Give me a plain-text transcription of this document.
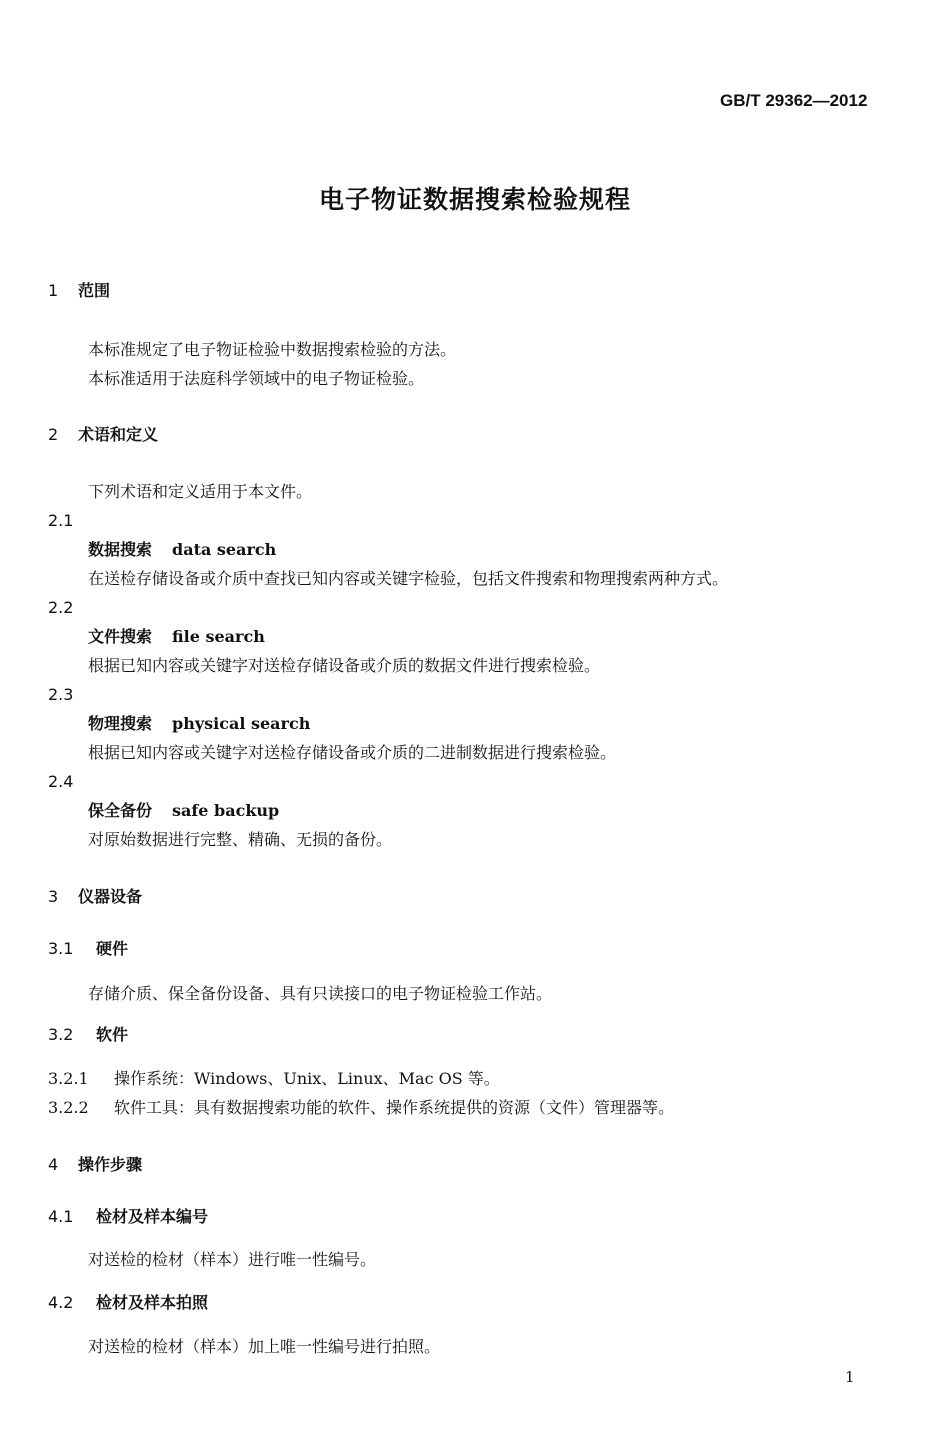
GB/T 29362—2012
电子物证数据搜索检验规程
1 范围
本标准规定了电子物证检验中数据搜索检验的方法。
本标准适用于法庭科学领域中的电子物证检验。
2 术语和定义
下列术语和定义适用于本文件。
2.1
数据搜索 data search
在送检存储设备或介质中查找已知内容或关键字检验，包括文件搜索和物理搜索两种方式。
2.2
文件搜索 file search
根据已知内容或关键字对送检存储设备或介质的数据文件进行搜索检验。
2.3
物理搜索 physical search
根据已知内容或关键字对送检存储设备或介质的二进制数据进行搜索检验。
2.4
保全备份 safe backup
对原始数据进行完整、精确、无损的备份。
3 仪器设备
3.1 硬件
存储介质、保全备份设备、具有只读接口的电子物证检验工作站。
3.2 软件
3.2.1 操作系统：Windows、Unix、Linux、Mac OS 等。
3.2.2 软件工具：具有数据搜索功能的软件、操作系统提供的资源（文件）管理器等。
4 操作步骤
4.1 检材及样本编号
对送检的检材（样本）进行唯一性编号。
4.2 检材及样本拍照
对送检的检材（样本）加上唯一性编号进行拍照。
1
